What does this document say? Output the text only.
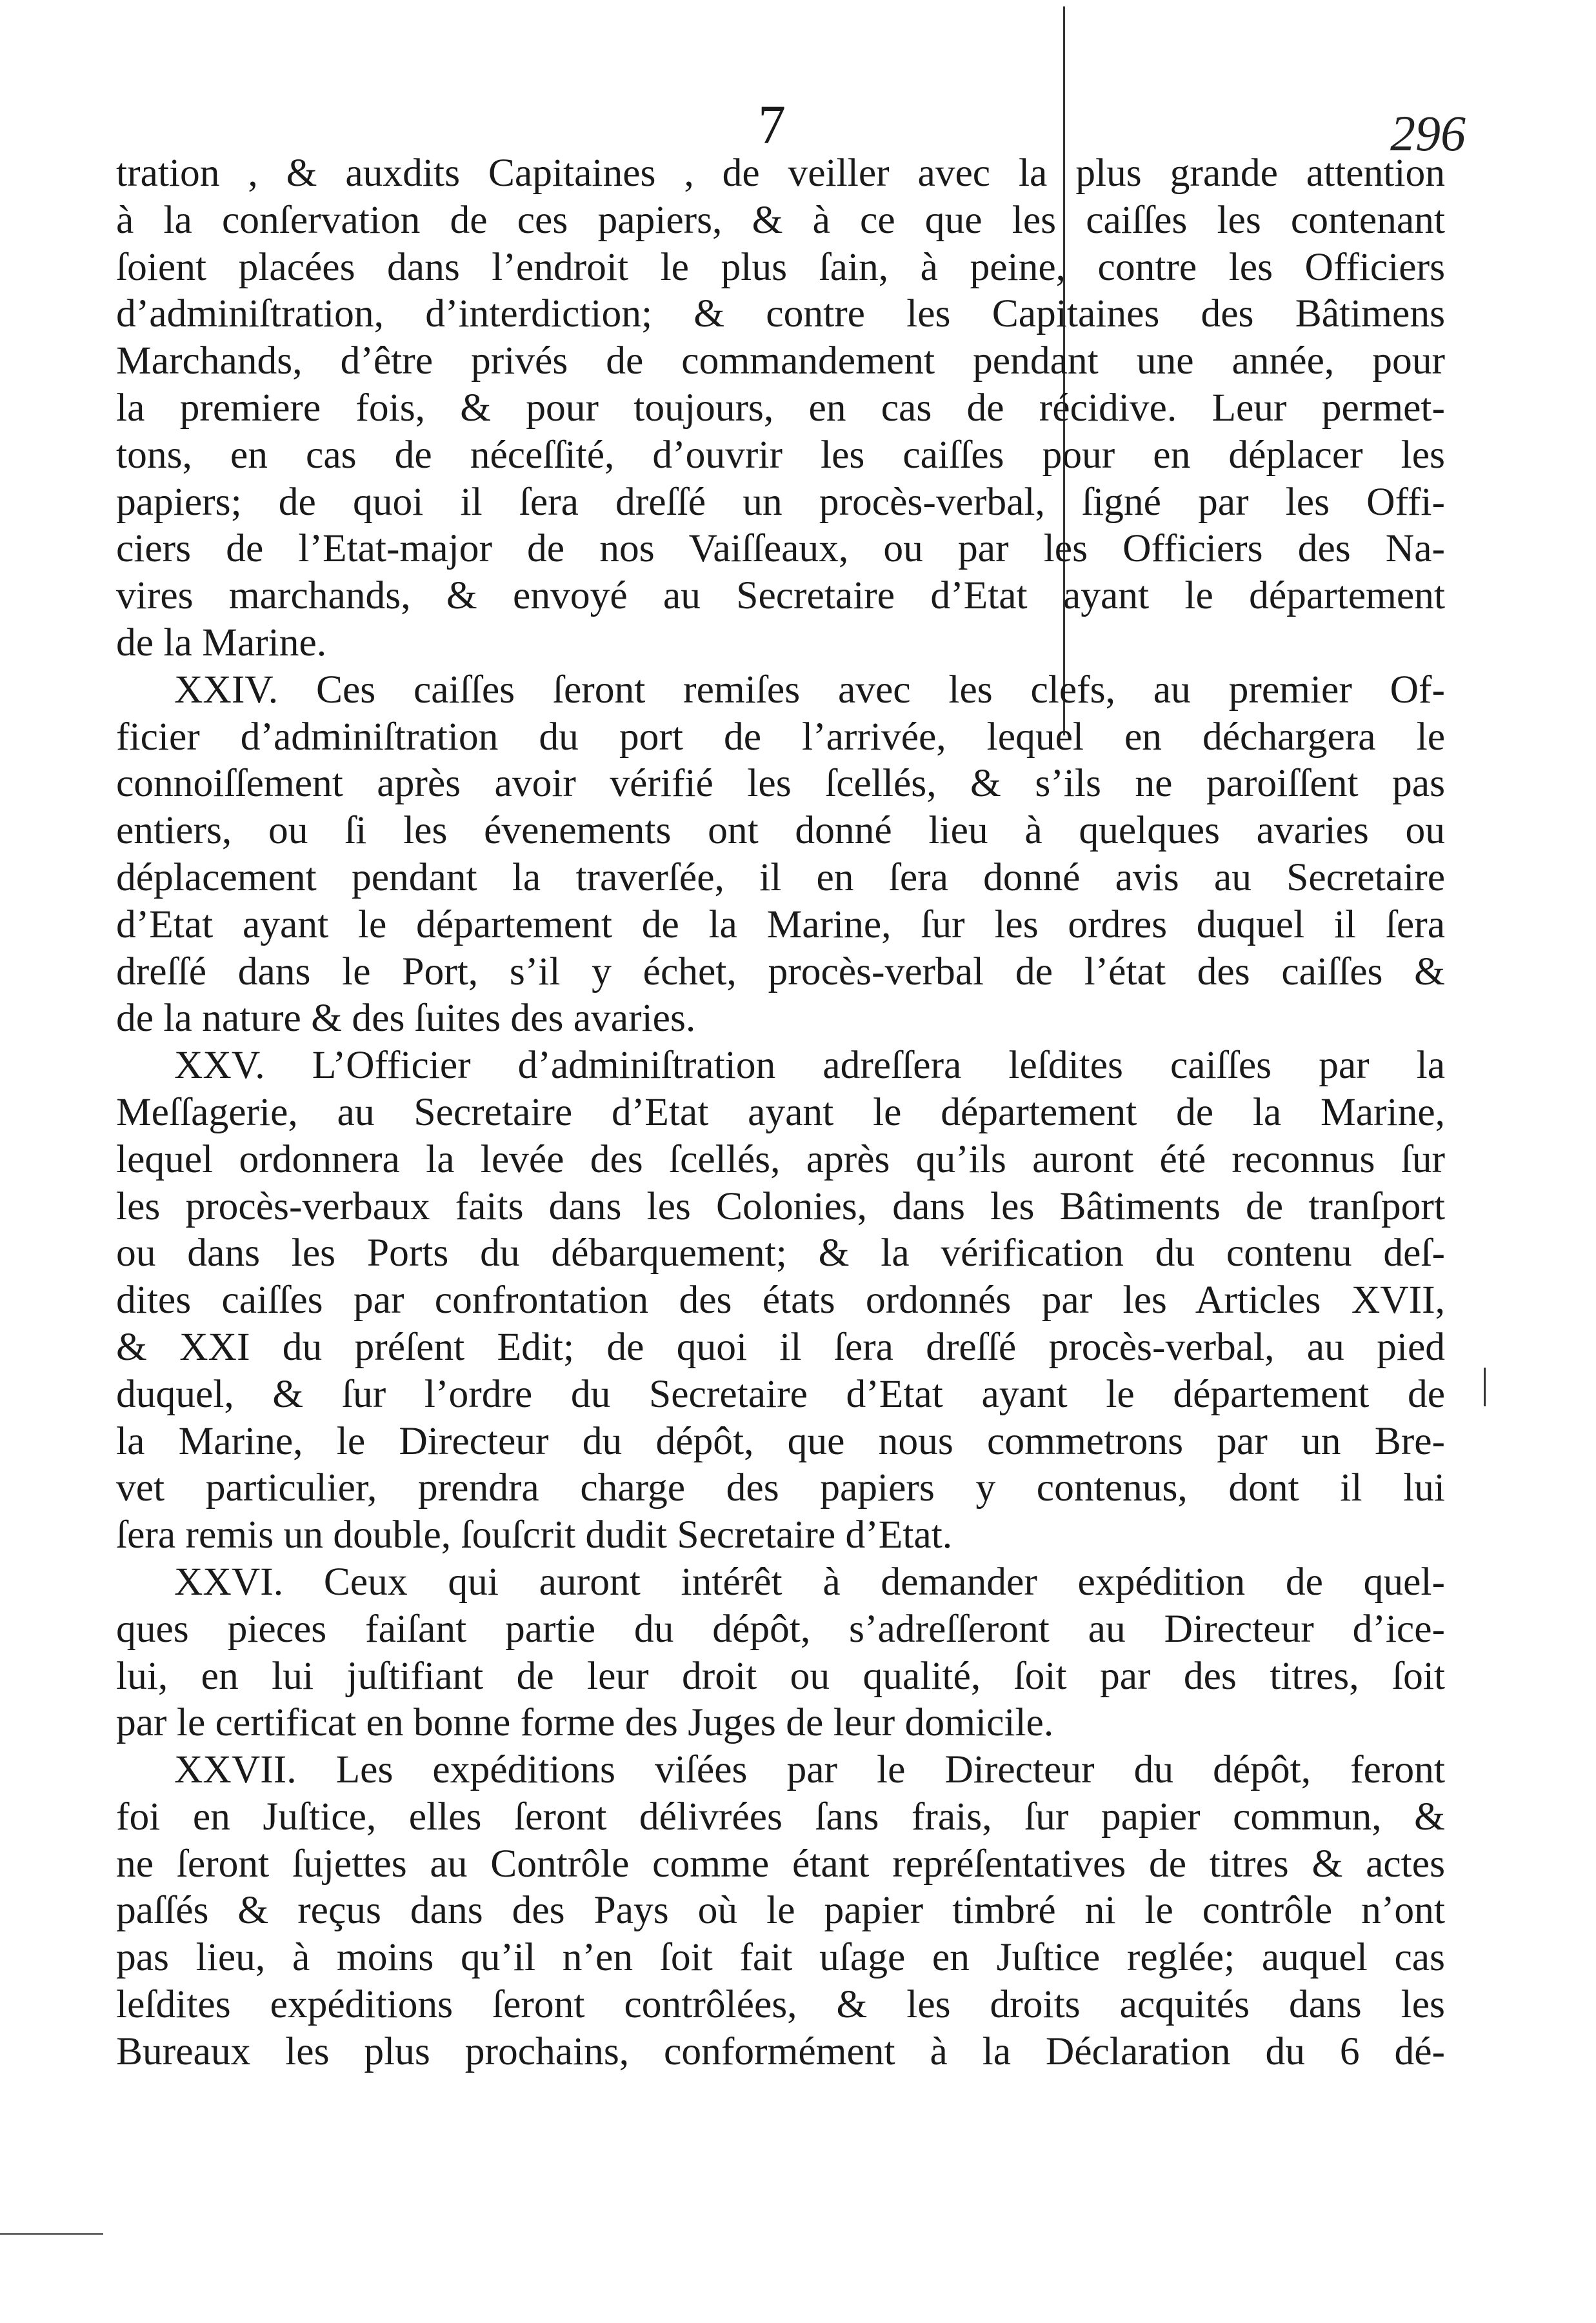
7	296
tration , & auxdits Capitaines , de veiller avec la plus grande attention
à la conſervation de ces papiers, & à ce que les caiſſes les contenant
ſoient placées dans l’endroit le plus ſain, à peine, contre les Officiers
d’adminiſtration, d’interdiction; & contre les Capitaines des Bâtimens
Marchands, d’être privés de commandement pendant une année, pour
la premiere fois, & pour toujours, en cas de récidive. Leur permet-
tons, en cas de néceſſité, d’ouvrir les caiſſes pour en déplacer les
papiers; de quoi il ſera dreſſé un procès-verbal, ſigné par les Offi-
ciers de l’Etat-major de nos Vaiſſeaux, ou par les Officiers des Na-
vires marchands, & envoyé au Secretaire d’Etat ayant le département
de la Marine.
XXIV. Ces caiſſes ſeront remiſes avec les clefs, au premier Of-
ficier d’adminiſtration du port de l’arrivée, lequel en déchargera le
connoiſſement après avoir vérifié les ſcellés, & s’ils ne paroiſſent pas
entiers, ou ſi les évenements ont donné lieu à quelques avaries ou
déplacement pendant la traverſée, il en ſera donné avis au Secretaire
d’Etat ayant le département de la Marine, ſur les ordres duquel il ſera
dreſſé dans le Port, s’il y échet, procès-verbal de l’état des caiſſes &
de la nature & des ſuites des avaries.
XXV. L’Officier d’adminiſtration adreſſera leſdites caiſſes par la
Meſſagerie, au Secretaire d’Etat ayant le département de la Marine,
lequel ordonnera la levée des ſcellés, après qu’ils auront été reconnus ſur
les procès-verbaux faits dans les Colonies, dans les Bâtiments de tranſport
ou dans les Ports du débarquement; & la vérification du contenu deſ-
dites caiſſes par confrontation des états ordonnés par les Articles XVII,
& XXI du préſent Edit; de quoi il ſera dreſſé procès-verbal, au pied
duquel, & ſur l’ordre du Secretaire d’Etat ayant le département de
la Marine, le Directeur du dépôt, que nous commetrons par un Bre-
vet particulier, prendra charge des papiers y contenus, dont il lui
ſera remis un double, ſouſcrit dudit Secretaire d’Etat.
XXVI. Ceux qui auront intérêt à demander expédition de quel-
ques pieces faiſant partie du dépôt, s’adreſſeront au Directeur d’ice-
lui, en lui juſtifiant de leur droit ou qualité, ſoit par des titres, ſoit
par le certificat en bonne forme des Juges de leur domicile.
XXVII. Les expéditions viſées par le Directeur du dépôt, feront
foi en Juſtice, elles ſeront délivrées ſans frais, ſur papier commun, &
ne ſeront ſujettes au Contrôle comme étant repréſentatives de titres & actes
paſſés & reçus dans des Pays où le papier timbré ni le contrôle n’ont
pas lieu, à moins qu’il n’en ſoit fait uſage en Juſtice reglée; auquel cas
leſdites expéditions ſeront contrôlées, & les droits acquités dans les
Bureaux les plus prochains, conformément à la Déclaration du 6 dé-
